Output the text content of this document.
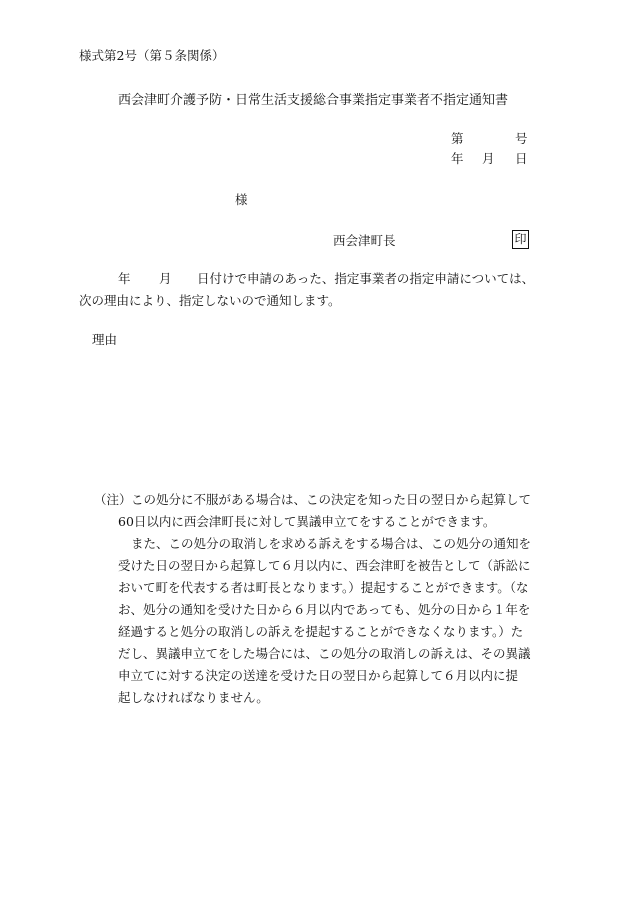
様式第2号（第５条関係）
西会津町介護予防・日常生活支援総合事業指定事業者不指定通知書
第	号
年 月 日
様
西会津町長	印
年 月 日付けで申請のあった、指定事業者の指定申請については、
次の理由により、指定しないので通知します。
理由
（注） この処分に不服がある場合は、この決定を知った日の翌日から起算して
60日以内に西会津町長に対して異議申立てをすることができます。
また、この処分の取消しを求める訴えをする場合は、この処分の通知を
受けた日の翌日から起算して６月以内に、西会津町を被告として（訴訟に
おいて町を代表する者は町長となります。）提起することができます。（な
お、処分の通知を受けた日から６月以内であっても、処分の日から１年を
経過すると処分の取消しの訴えを提起することができなくなります。）た
だし、異議申立てをした場合には、この処分の取消しの訴えは、その異議
申立てに対する決定の送達を受けた日の翌日から起算して６月以内に提
起しなければなりません。
